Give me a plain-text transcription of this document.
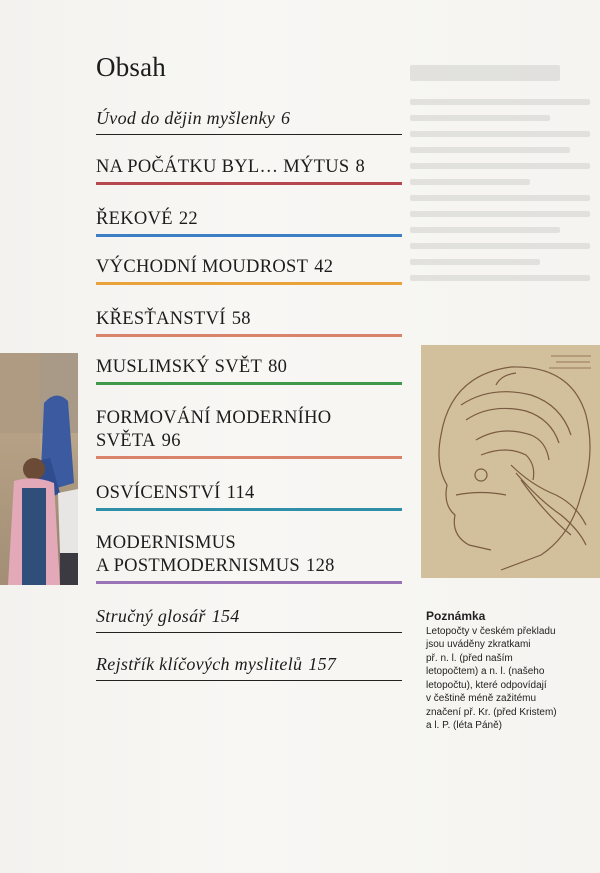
Obsah
Úvod do dějin myšlenky 6
NA POČÁTKU BYL… MÝTUS 8
ŘEKOVÉ 22
VÝCHODNÍ MOUDROST 42
KŘESŤANSTVÍ 58
MUSLIMSKÝ SVĚT 80
FORMOVÁNÍ MODERNÍHO
SVĚTA 96
OSVÍCENSTVÍ 114
MODERNISMUS
A POSTMODERNISMUS 128
Stručný glosář 154
Rejstřík klíčových myslitelů 157
Poznámka
Letopočty v českém překladu
jsou uváděny zkratkami
př. n. l. (před naším
letopočtem) a n. l. (našeho
letopočtu), které odpovídají
v češtině méně zažitému
značení př. Kr. (před Kristem)
a l. P. (léta Páně)
